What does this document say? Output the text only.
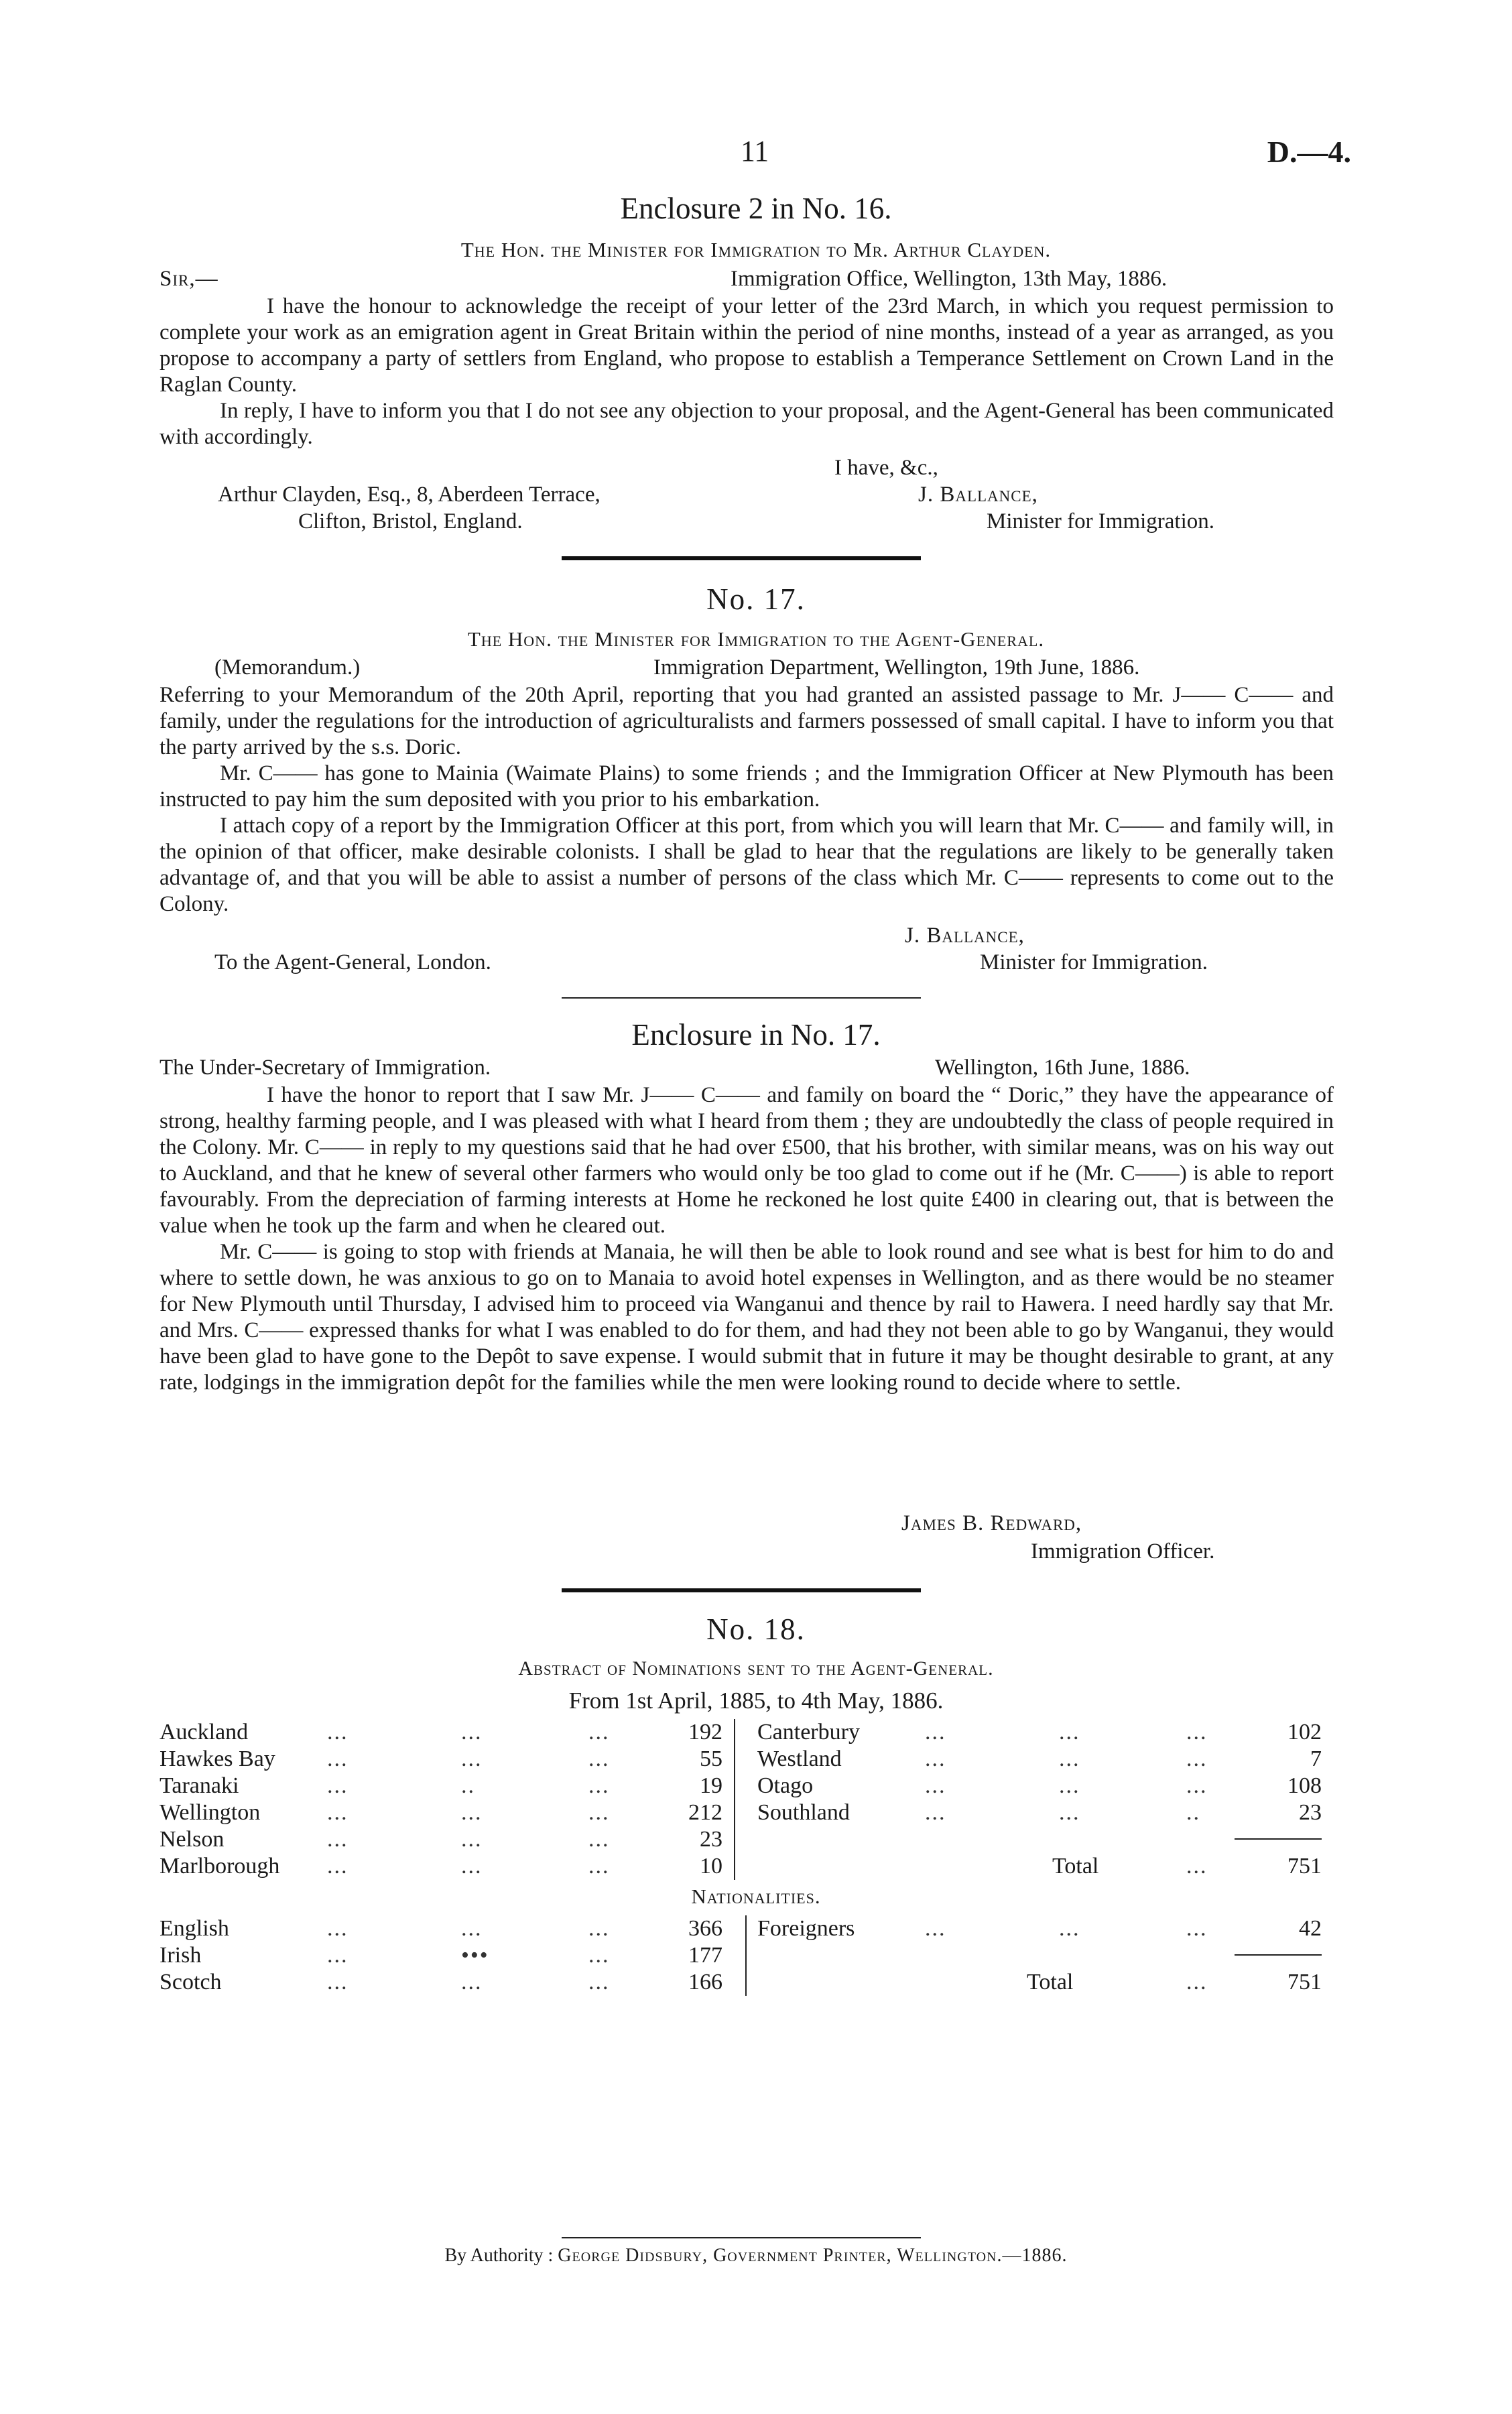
11	D.—4.
Enclosure 2 in No. 16.
The Hon. the Minister for Immigration to Mr. Arthur Clayden.
Sir,—	Immigration Office, Wellington, 13th May, 1886.

I have the honour to acknowledge the receipt of your letter of the 23rd March, in which you request permission to complete your work as an emigration agent in Great Britain within the period of nine months, instead of a year as arranged, as you propose to accompany a party of settlers from England, who propose to establish a Temperance Settlement on Crown Land in the Raglan County.

In reply, I have to inform you that I do not see any objection to your proposal, and the Agent-General has been communicated with accordingly.

I have, &c.,
Arthur Clayden, Esq., 8, Aberdeen Terrace,	J. Ballance,
Clifton, Bristol, England.	Minister for Immigration.
No. 17.
The Hon. the Minister for Immigration to the Agent-General.
(Memorandum.)	Immigration Department, Wellington, 19th June, 1886.

Referring to your Memorandum of the 20th April, reporting that you had granted an assisted passage to Mr. J—— C—— and family, under the regulations for the introduction of agriculturalists and farmers possessed of small capital. I have to inform you that the party arrived by the s.s. Doric.

Mr. C—— has gone to Mainia (Waimate Plains) to some friends ; and the Immigration Officer at New Plymouth has been instructed to pay him the sum deposited with you prior to his embarkation.

I attach copy of a report by the Immigration Officer at this port, from which you will learn that Mr. C—— and family will, in the opinion of that officer, make desirable colonists. I shall be glad to hear that the regulations are likely to be generally taken advantage of, and that you will be able to assist a number of persons of the class which Mr. C—— represents to come out to the Colony.

J. Ballance,
To the Agent-General, London.	Minister for Immigration.
Enclosure in No. 17.
The Under-Secretary of Immigration.	Wellington, 16th June, 1886.

I have the honor to report that I saw Mr. J—— C—— and family on board the “ Doric,” they have the appearance of strong, healthy farming people, and I was pleased with what I heard from them ; they are undoubtedly the class of people required in the Colony. Mr. C—— in reply to my questions said that he had over £500, that his brother, with similar means, was on his way out to Auckland, and that he knew of several other farmers who would only be too glad to come out if he (Mr. C——) is able to report favourably. From the depreciation of farming interests at Home he reckoned he lost quite £400 in clearing out, that is between the value when he took up the farm and when he cleared out.

Mr. C—— is going to stop with friends at Manaia, he will then be able to look round and see what is best for him to do and where to settle down, he was anxious to go on to Manaia to avoid hotel expenses in Wellington, and as there would be no steamer for New Plymouth until Thursday, I advised him to proceed via Wanganui and thence by rail to Hawera. I need hardly say that Mr. and Mrs. C—— expressed thanks for what I was enabled to do for them, and had they not been able to go by Wanganui, they would have been glad to have gone to the Depôt to save expense. I would submit that in future it may be thought desirable to grant, at any rate, lodgings in the immigration depôt for the families while the men were looking round to decide where to settle.

James B. Redward,
Immigration Officer.
No. 18.
Abstract of Nominations sent to the Agent-General.
From 1st April, 1885, to 4th May, 1886.
Auckland	...	...	...	192
Hawkes Bay ...	...	...	55
Taranaki	...	..	...	19
Wellington	...	...	...	212
Nelson	...	...	...	23
Marlborough ...	...	...	10
Canterbury	...	...	...	102
Westland	...	...	...	7
Otago	...	...	...	108
Southland	...	...	..	23
Total	...	751
Nationalities.
English	...	...	...	366
Irish	...	•••	...	177
Scotch	...	...	...	166
Foreigners	...	...	...	42
Total	...	751
By Authority : George Didsbury, Government Printer, Wellington.—1886.
